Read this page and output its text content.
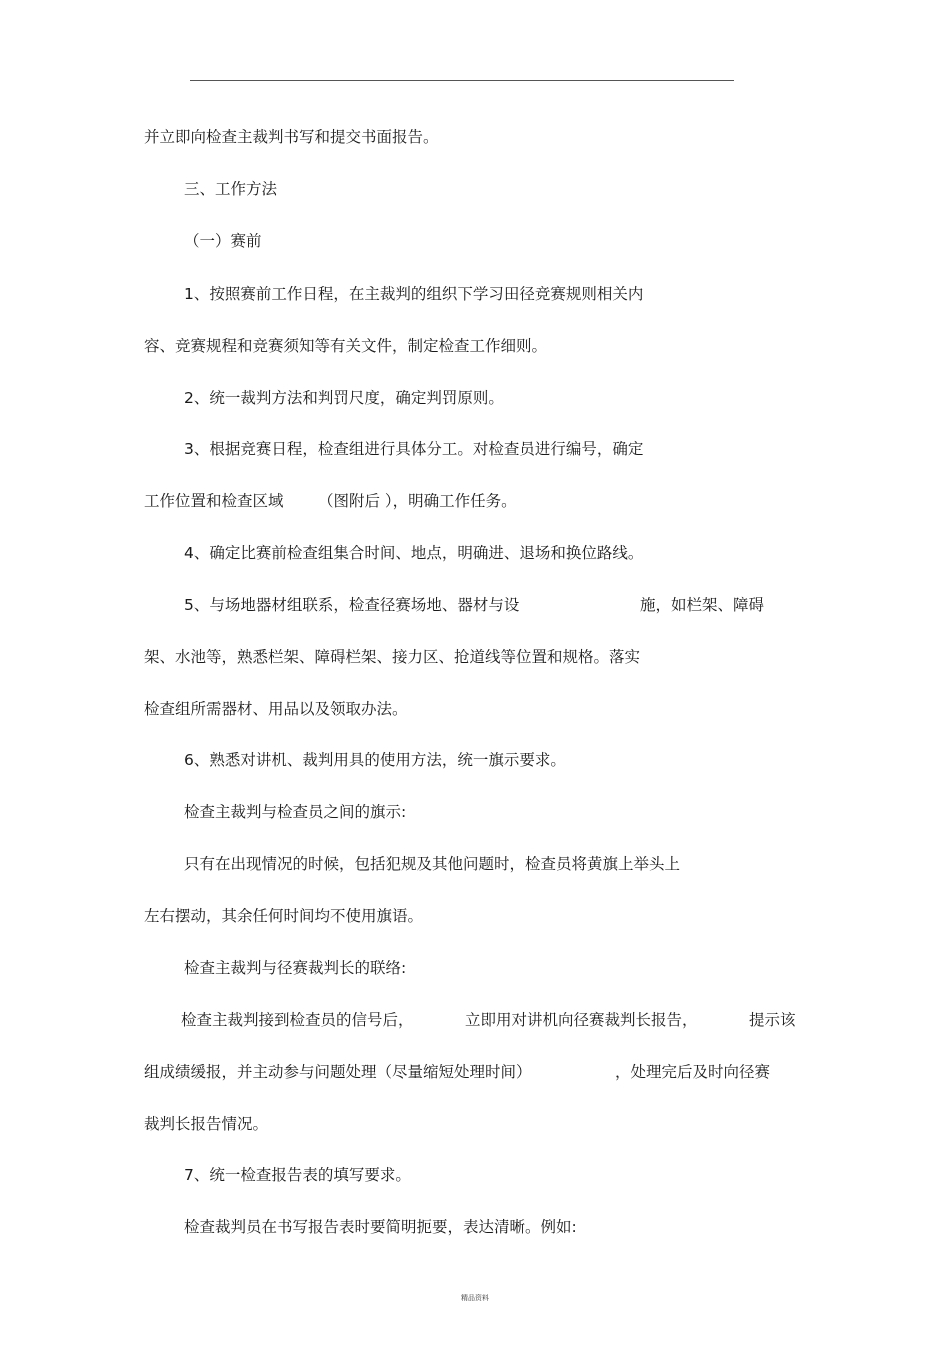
并立即向检查主裁判书写和提交书面报告。
三、工作方法
（一）赛前
1、按照赛前工作日程，在主裁判的组织下学习田径竞赛规则相关内
容、竞赛规程和竞赛须知等有关文件，制定检查工作细则。
2、统一裁判方法和判罚尺度，确定判罚原则。
3、根据竞赛日程，检查组进行具体分工。对检查员进行编号，确定
工作位置和检查区域 （图附后 ），明确工作任务。
4、确定比赛前检查组集合时间、地点，明确进、退场和换位路线。
5、与场地器材组联系，检查径赛场地、器材与设	施，如栏架、障碍
架、水池等，熟悉栏架、障碍栏架、接力区、抢道线等位置和规格。落实
检查组所需器材、用品以及领取办法。
6、熟悉对讲机、裁判用具的使用方法，统一旗示要求。
检查主裁判与检查员之间的旗示:
只有在出现情况的时候，包括犯规及其他问题时，检查员将黄旗上举头上
左右摆动，其余任何时间均不使用旗语。
检查主裁判与径赛裁判长的联络:
检查主裁判接到检查员的信号后，	立即用对讲机向径赛裁判长报告，	提示该
组成绩缓报，并主动参与问题处理（尽量缩短处理时间）	，处理完后及时向径赛
裁判长报告情况。
7、统一检查报告表的填写要求。
检查裁判员在书写报告表时要简明扼要，表达清晰。例如:
精品资料
